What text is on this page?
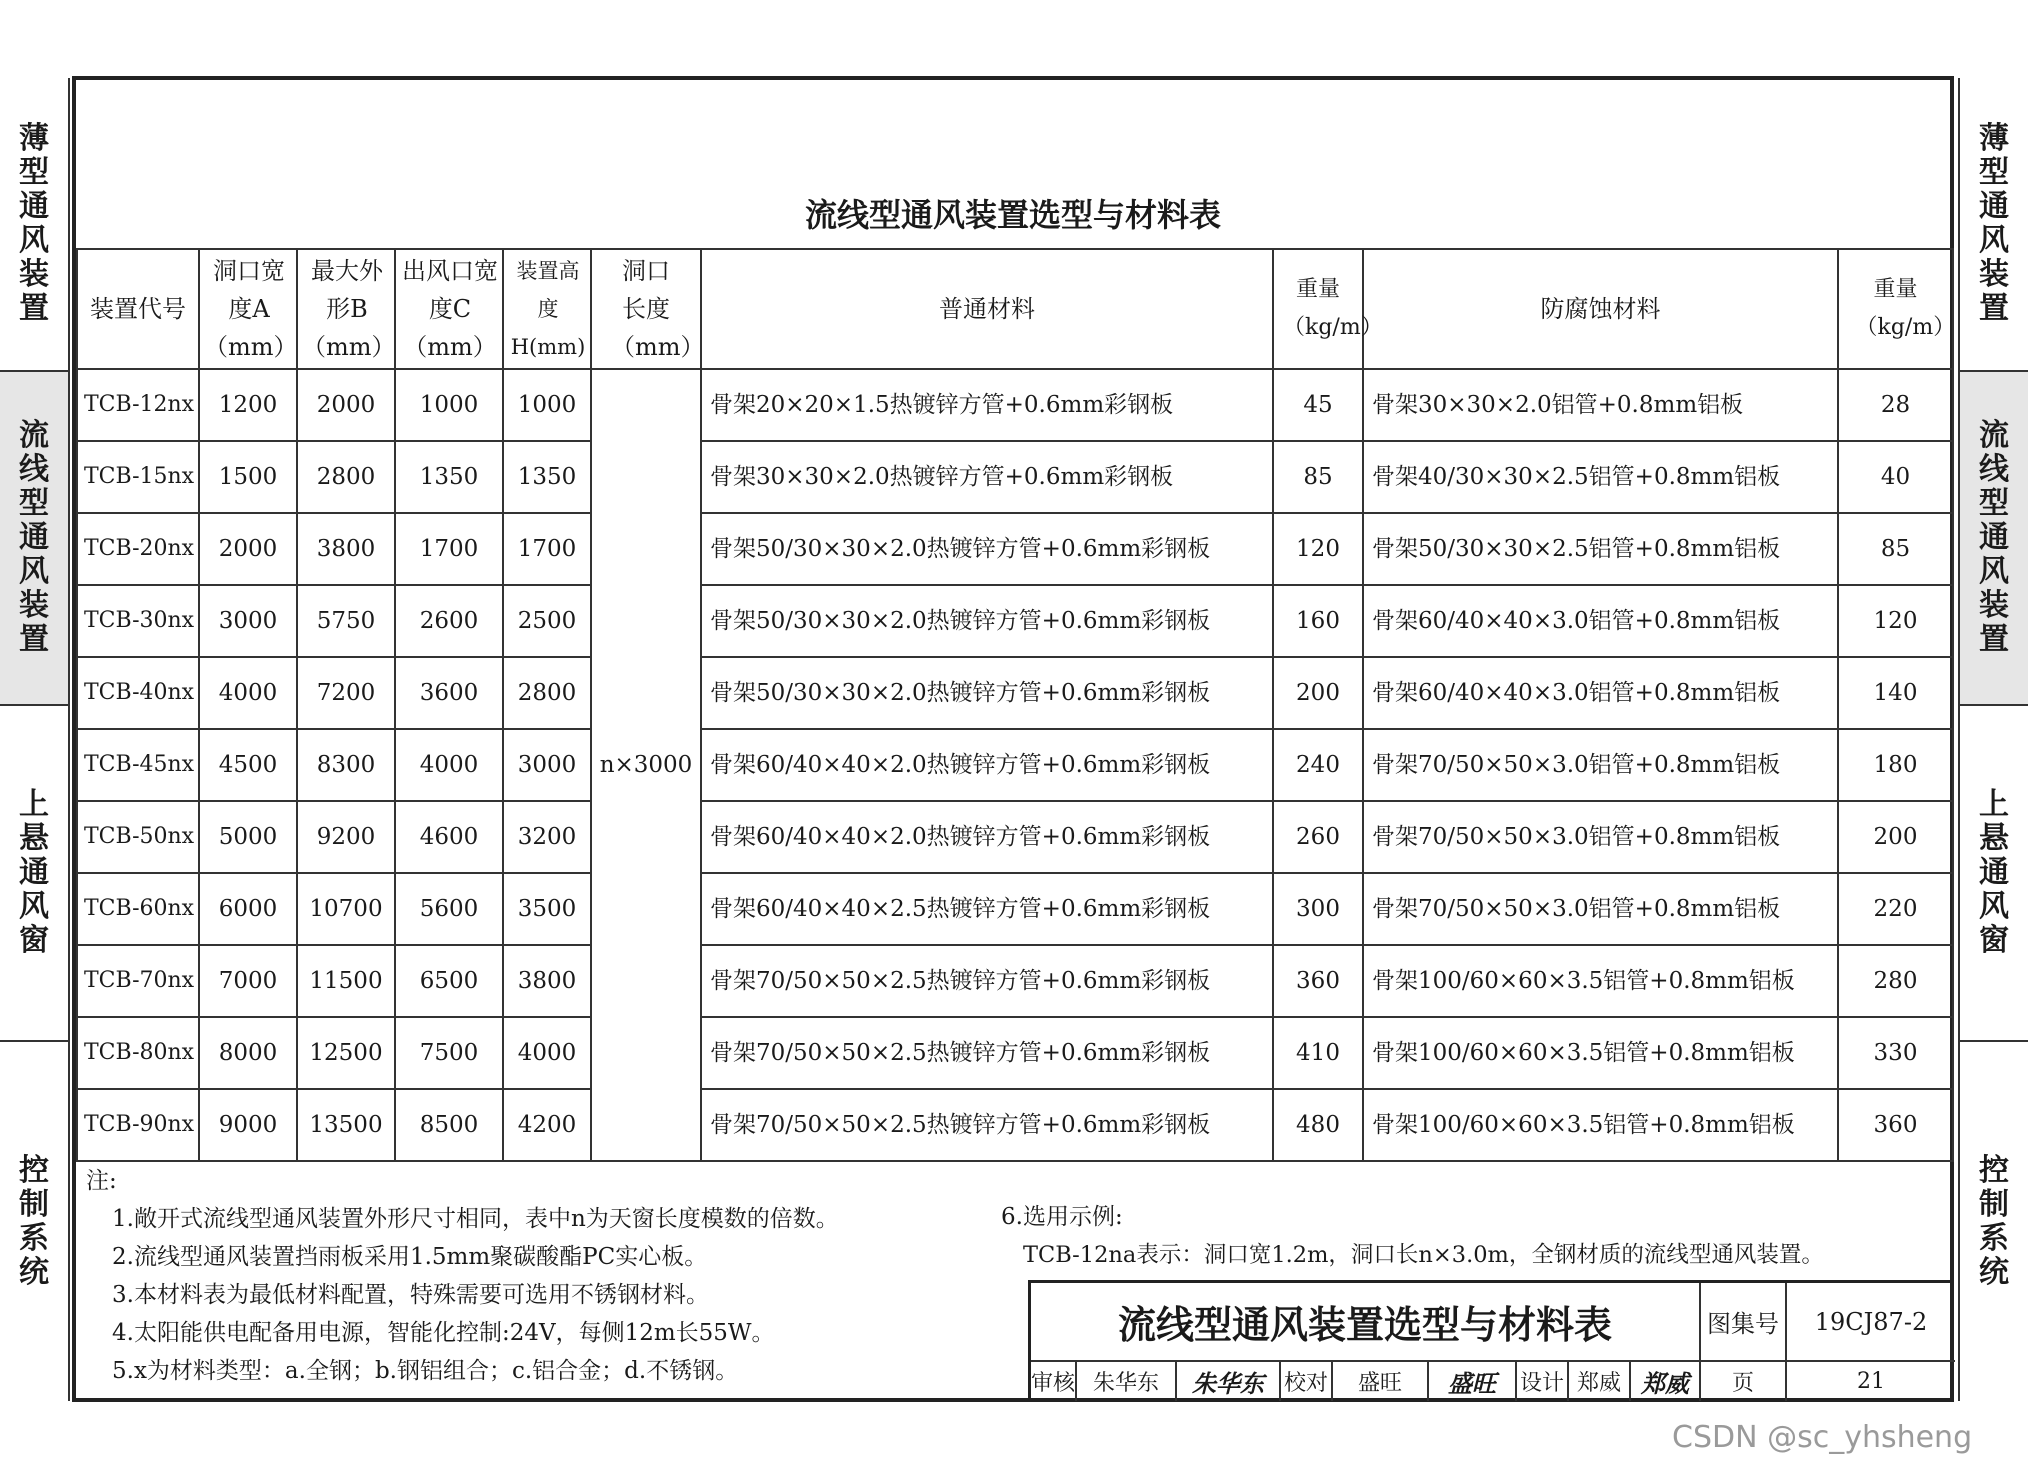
薄型通风装置
流线型通风装置
上悬通风窗
控制系统
薄型通风装置
流线型通风装置
上悬通风窗
控制系统
流线型通风装置选型与材料表
装置代号	洞口宽度A（mm）	最大外形B（mm）	出风口宽度C（mm）	装置高度H(mm)	洞口长度（mm）	普通材料	重量（kg/m）	防腐蚀材料	重量（kg/m）

TCB-12nx	1200	2000	1000	1000	n×3000	骨架20×20×1.5热镀锌方管+0.6mm彩钢板	45	骨架30×30×2.0铝管+0.8mm铝板	28
TCB-15nx	1500	2800	1350	1350		骨架30×30×2.0热镀锌方管+0.6mm彩钢板	85	骨架40/30×30×2.5铝管+0.8mm铝板	40
TCB-20nx	2000	3800	1700	1700		骨架50/30×30×2.0热镀锌方管+0.6mm彩钢板	120	骨架50/30×30×2.5铝管+0.8mm铝板	85
TCB-30nx	3000	5750	2600	2500		骨架50/30×30×2.0热镀锌方管+0.6mm彩钢板	160	骨架60/40×40×3.0铝管+0.8mm铝板	120
TCB-40nx	4000	7200	3600	2800		骨架50/30×30×2.0热镀锌方管+0.6mm彩钢板	200	骨架60/40×40×3.0铝管+0.8mm铝板	140
TCB-45nx	4500	8300	4000	3000		骨架60/40×40×2.0热镀锌方管+0.6mm彩钢板	240	骨架70/50×50×3.0铝管+0.8mm铝板	180
TCB-50nx	5000	9200	4600	3200		骨架60/40×40×2.0热镀锌方管+0.6mm彩钢板	260	骨架70/50×50×3.0铝管+0.8mm铝板	200
TCB-60nx	6000	10700	5600	3500		骨架60/40×40×2.5热镀锌方管+0.6mm彩钢板	300	骨架70/50×50×3.0铝管+0.8mm铝板	220
TCB-70nx	7000	11500	6500	3800		骨架70/50×50×2.5热镀锌方管+0.6mm彩钢板	360	骨架100/60×60×3.5铝管+0.8mm铝板	280
TCB-80nx	8000	12500	7500	4000		骨架70/50×50×2.5热镀锌方管+0.6mm彩钢板	410	骨架100/60×60×3.5铝管+0.8mm铝板	330
TCB-90nx	9000	13500	8500	4200		骨架70/50×50×2.5热镀锌方管+0.6mm彩钢板	480	骨架100/60×60×3.5铝管+0.8mm铝板	360
注:
1.敞开式流线型通风装置外形尺寸相同，表中n为天窗长度模数的倍数。
2.流线型通风装置挡雨板采用1.5mm聚碳酸酯PC实心板。
3.本材料表为最低材料配置，特殊需要可选用不锈钢材料。
4.太阳能供电配备用电源，智能化控制:24V，每侧12m长55W。
5.x为材料类型：a.全钢；b.钢铝组合；c.铝合金；d.不锈钢。
6.选用示例:
TCB-12na表示：洞口宽1.2m，洞口长n×3.0m，全钢材质的流线型通风装置。
流线型通风装置选型与材料表	图集号	19CJ87-2
审核 朱华东	朱华东 校对	盛旺	盛旺	设计 郑威 郑威	页	21
CSDN @sc_yhsheng
